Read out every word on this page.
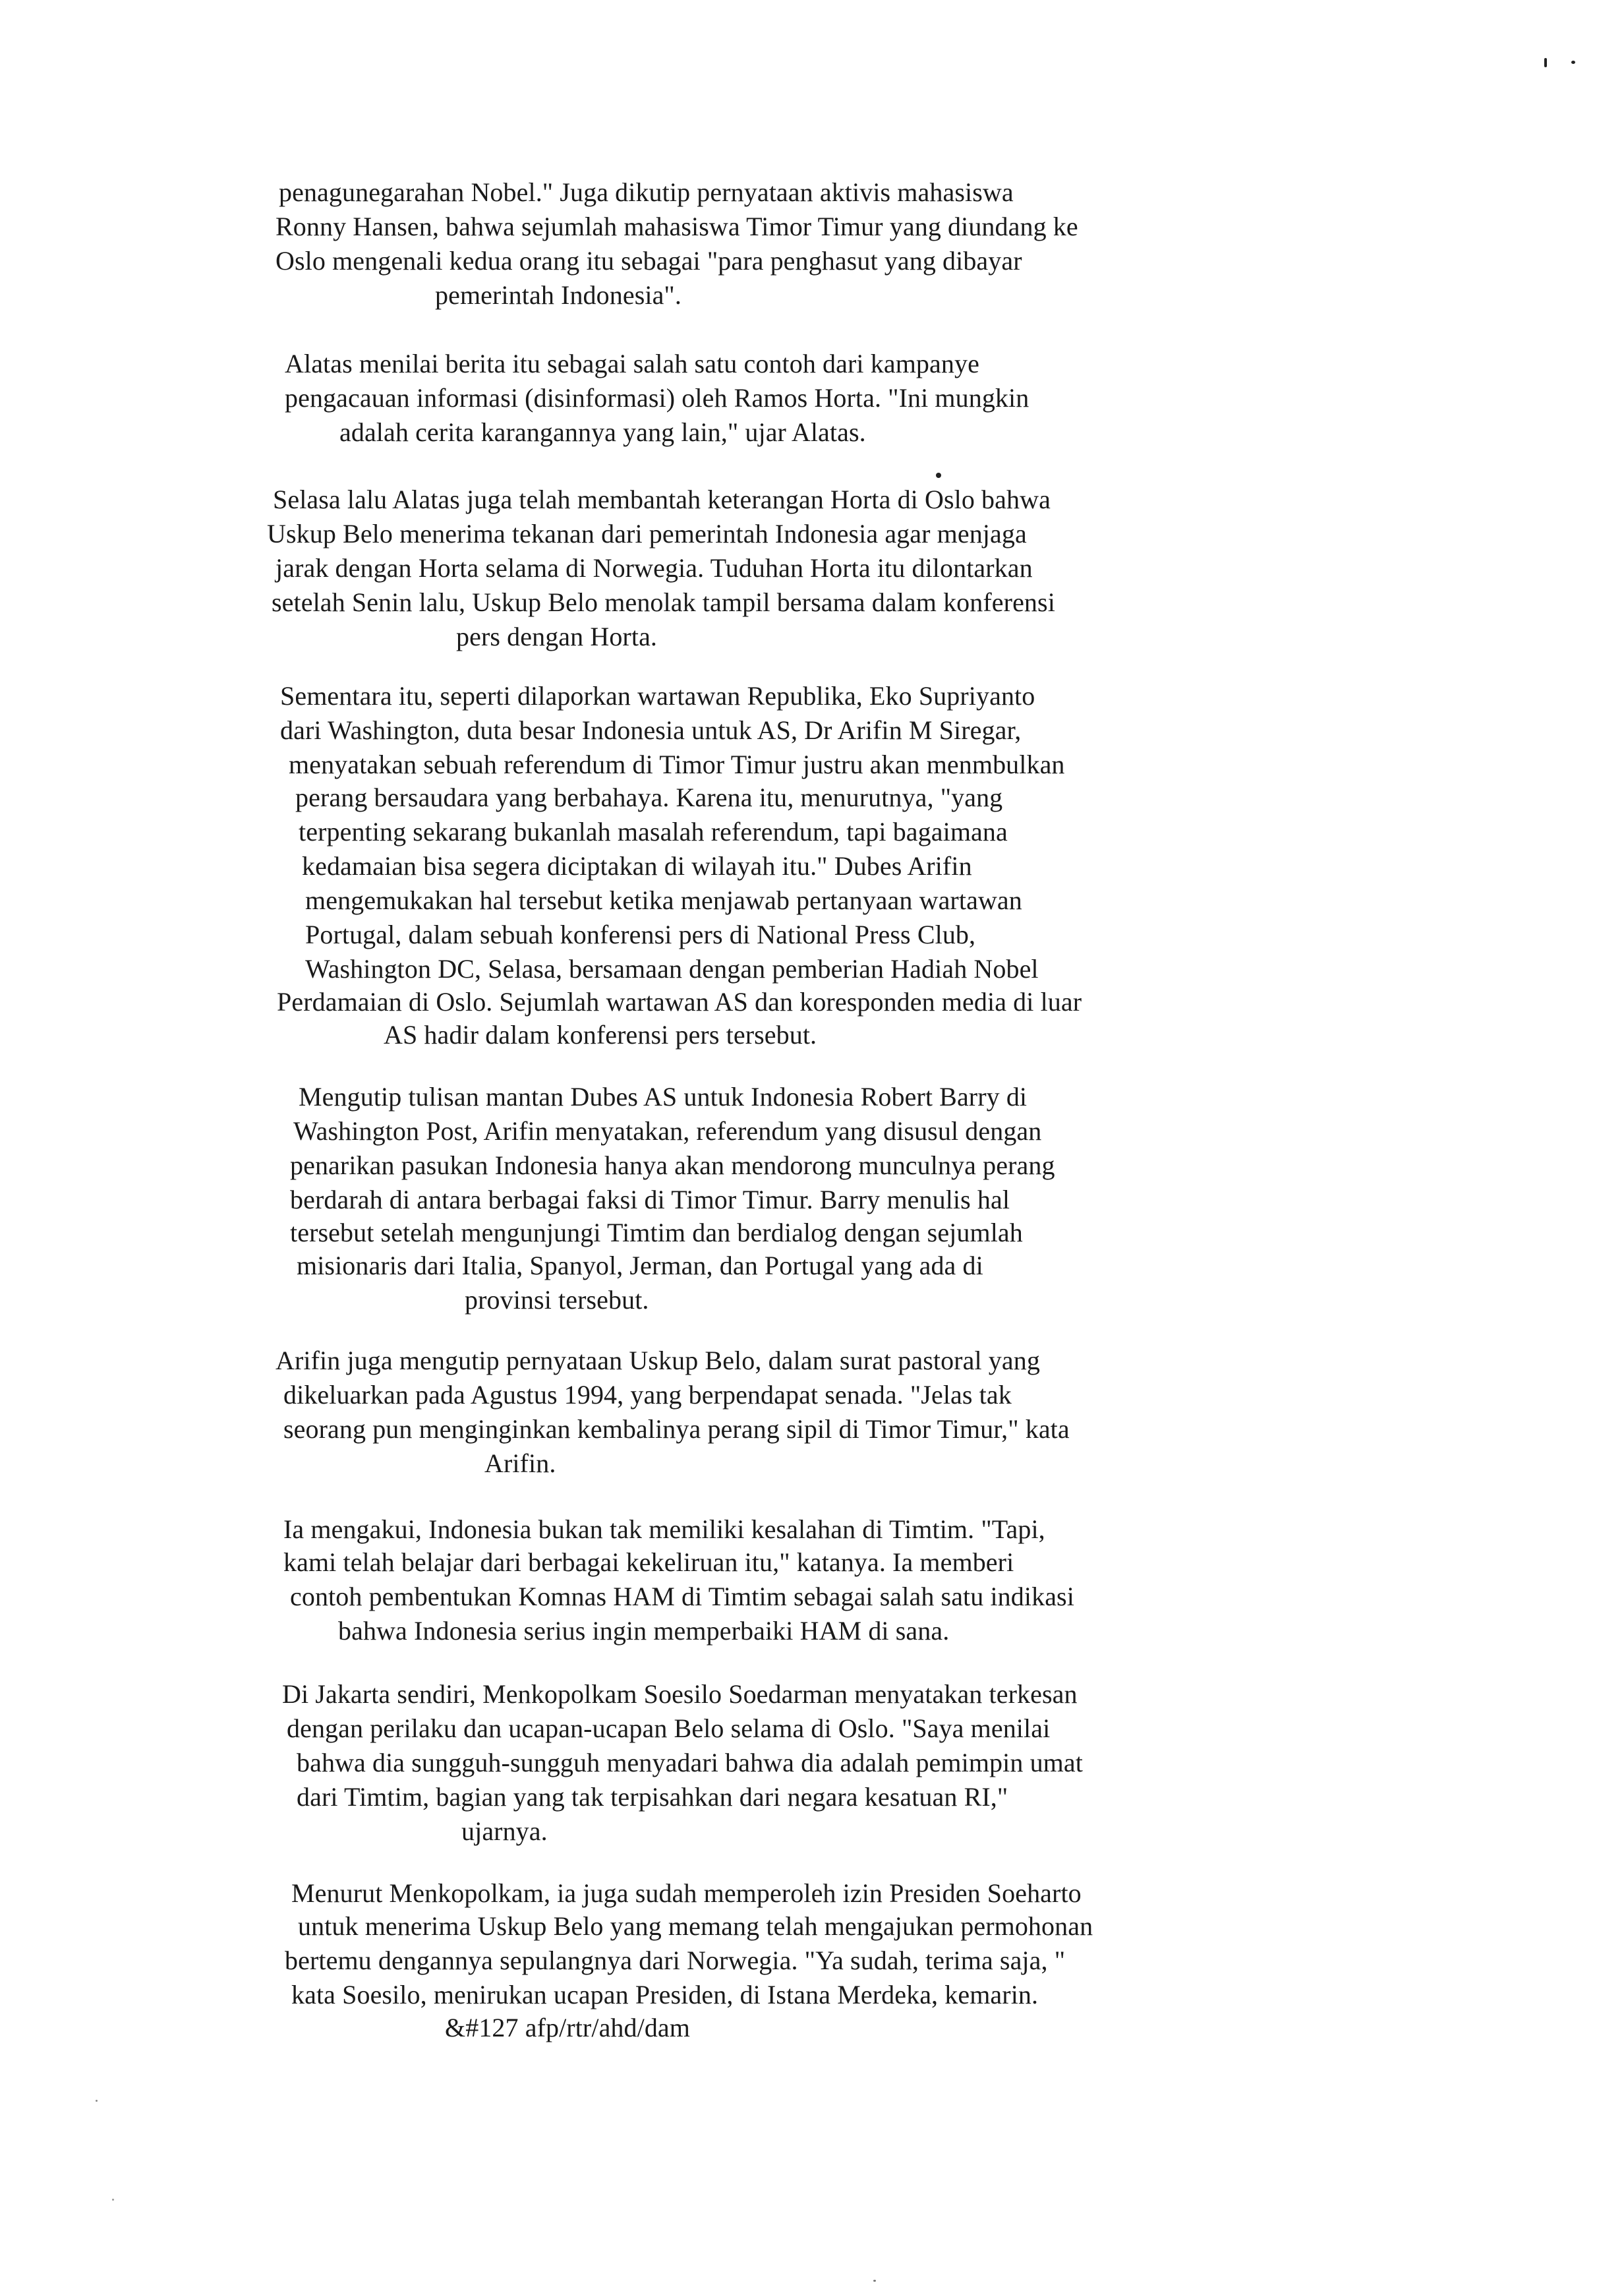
penagunegarahan Nobel." Juga dikutip pernyataan aktivis mahasiswa
Ronny Hansen, bahwa sejumlah mahasiswa Timor Timur yang diundang ke
Oslo mengenali kedua orang itu sebagai "para penghasut yang dibayar
pemerintah Indonesia".
Alatas menilai berita itu sebagai salah satu contoh dari kampanye
pengacauan informasi (disinformasi) oleh Ramos Horta. "Ini mungkin
adalah cerita karangannya yang lain," ujar Alatas.
Selasa lalu Alatas juga telah membantah keterangan Horta di Oslo bahwa
Uskup Belo menerima tekanan dari pemerintah Indonesia agar menjaga
jarak dengan Horta selama di Norwegia. Tuduhan Horta itu dilontarkan
setelah Senin lalu, Uskup Belo menolak tampil bersama dalam konferensi
pers dengan Horta.
Sementara itu, seperti dilaporkan wartawan Republika, Eko Supriyanto
dari Washington, duta besar Indonesia untuk AS, Dr Arifin M Siregar,
menyatakan sebuah referendum di Timor Timur justru akan menmbulkan
perang bersaudara yang berbahaya. Karena itu, menurutnya, "yang
terpenting sekarang bukanlah masalah referendum, tapi bagaimana
kedamaian bisa segera diciptakan di wilayah itu." Dubes Arifin
mengemukakan hal tersebut ketika menjawab pertanyaan wartawan
Portugal, dalam sebuah konferensi pers di National Press Club,
Washington DC, Selasa, bersamaan dengan pemberian Hadiah Nobel
Perdamaian di Oslo. Sejumlah wartawan AS dan koresponden media di luar
AS hadir dalam konferensi pers tersebut.
Mengutip tulisan mantan Dubes AS untuk Indonesia Robert Barry di
Washington Post, Arifin menyatakan, referendum yang disusul dengan
penarikan pasukan Indonesia hanya akan mendorong munculnya perang
berdarah di antara berbagai faksi di Timor Timur. Barry menulis hal
tersebut setelah mengunjungi Timtim dan berdialog dengan sejumlah
misionaris dari Italia, Spanyol, Jerman, dan Portugal yang ada di
provinsi tersebut.
Arifin juga mengutip pernyataan Uskup Belo, dalam surat pastoral yang
dikeluarkan pada Agustus 1994, yang berpendapat senada. "Jelas tak
seorang pun menginginkan kembalinya perang sipil di Timor Timur," kata
Arifin.
Ia mengakui, Indonesia bukan tak memiliki kesalahan di Timtim. "Tapi,
kami telah belajar dari berbagai kekeliruan itu," katanya. Ia memberi
contoh pembentukan Komnas HAM di Timtim sebagai salah satu indikasi
bahwa Indonesia serius ingin memperbaiki HAM di sana.
Di Jakarta sendiri, Menkopolkam Soesilo Soedarman menyatakan terkesan
dengan perilaku dan ucapan-ucapan Belo selama di Oslo. "Saya menilai
bahwa dia sungguh-sungguh menyadari bahwa dia adalah pemimpin umat
dari Timtim, bagian yang tak terpisahkan dari negara kesatuan RI,"
ujarnya.
Menurut Menkopolkam, ia juga sudah memperoleh izin Presiden Soeharto
untuk menerima Uskup Belo yang memang telah mengajukan permohonan
bertemu dengannya sepulangnya dari Norwegia. "Ya sudah, terima saja, "
kata Soesilo, menirukan ucapan Presiden, di Istana Merdeka, kemarin.
&#127 afp/rtr/ahd/dam
